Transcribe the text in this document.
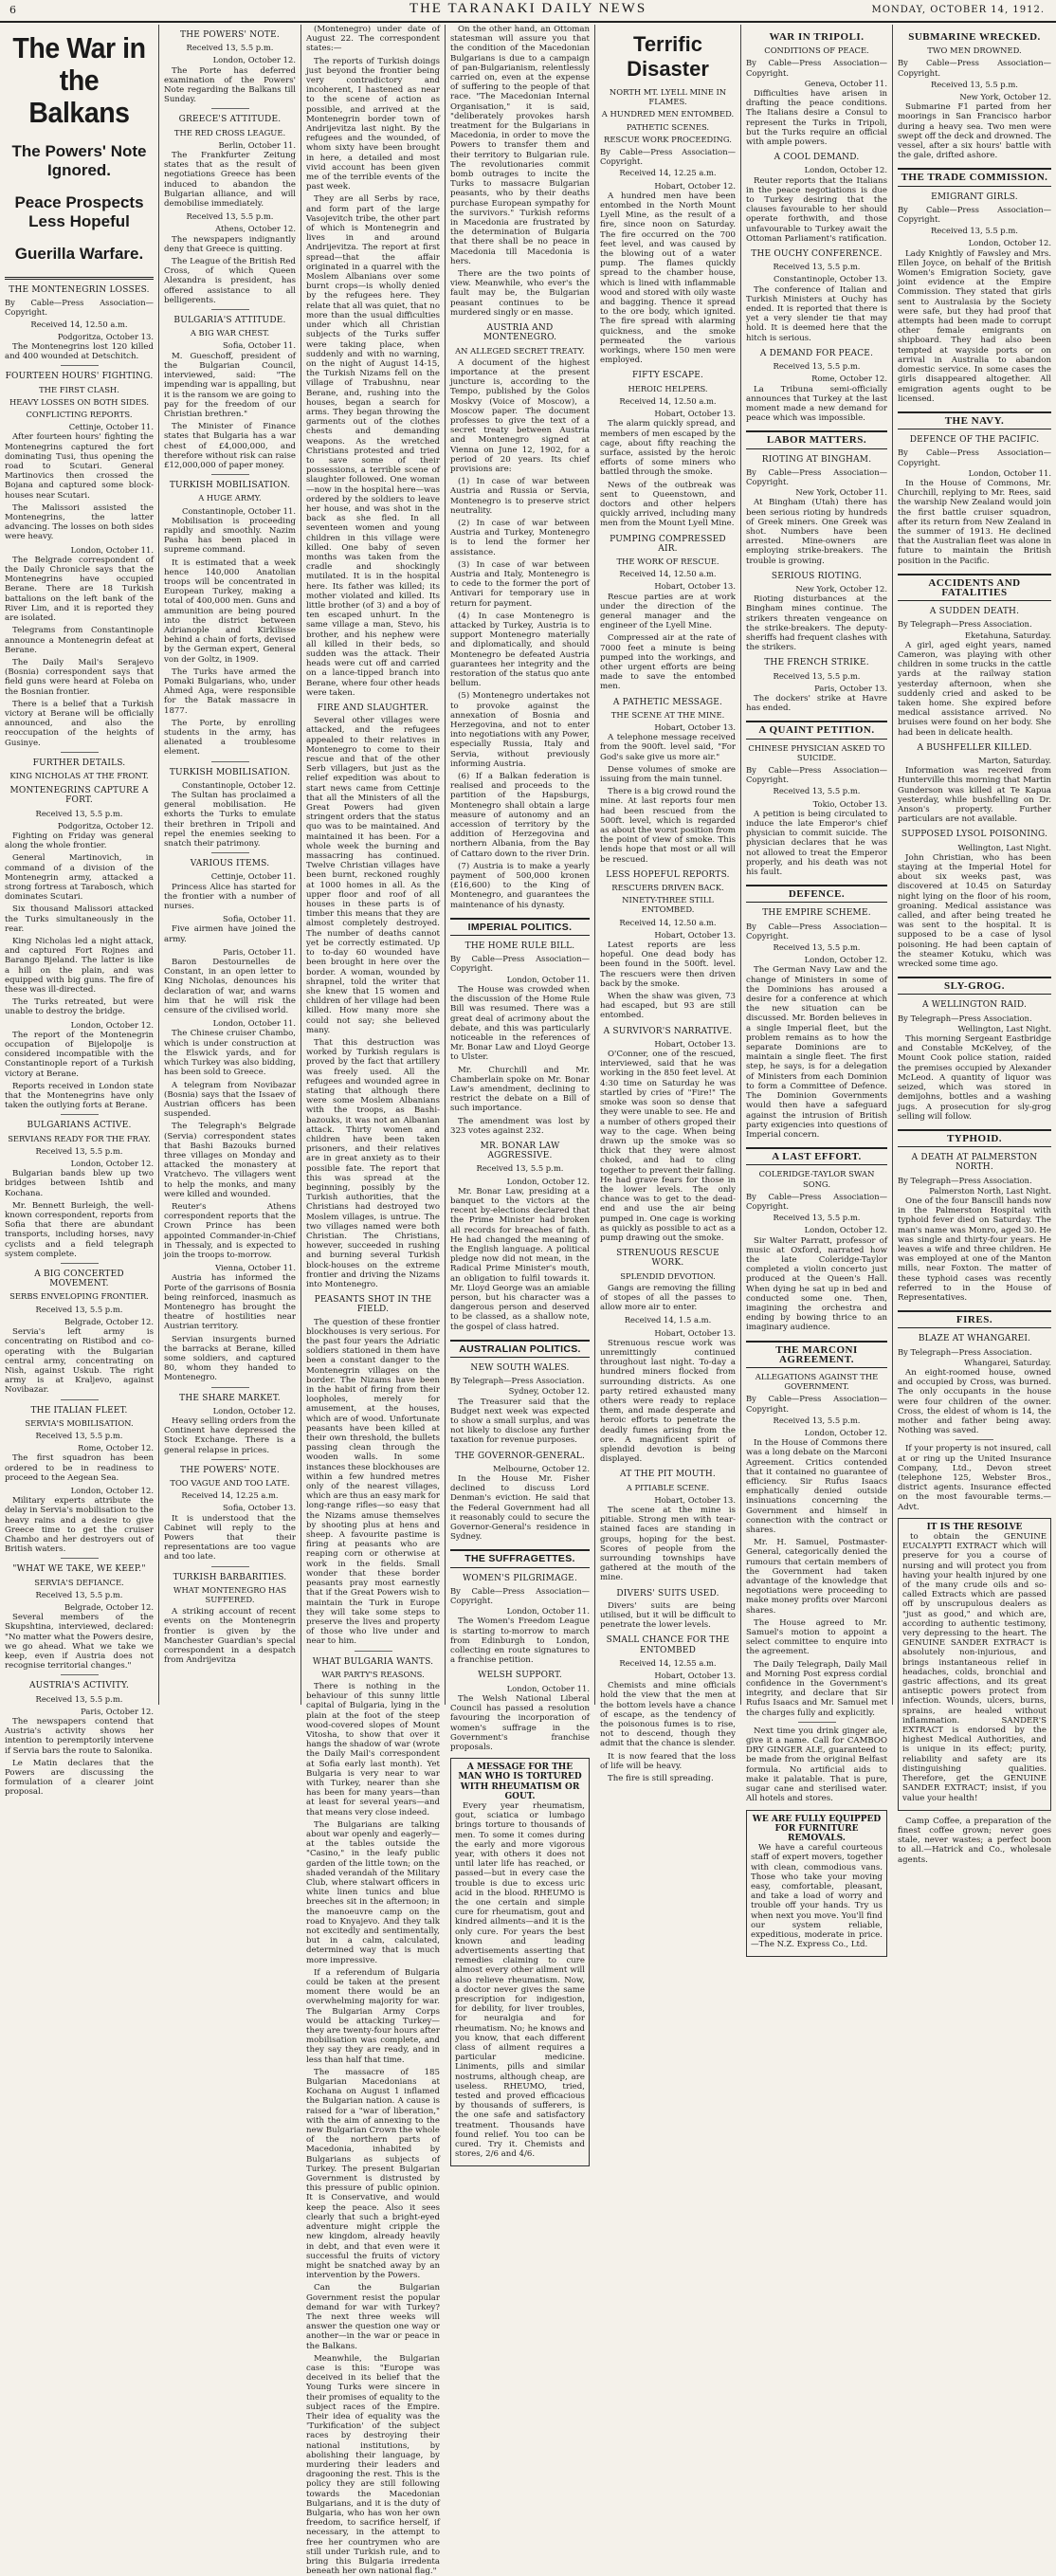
6	THE TARANAKI DAILY NEWS	MONDAY, OCTOBER 14, 1912.
The War in the Balkans
The Powers' Note Ignored.
Peace Prospects Less Hopeful
Guerilla Warfare.
THE MONTENEGRIN LOSSES.
By Cable—Press Association—Copyright.
Received 14, 12.50 a.m.
Podgoritza, October 13.

The Montenegrins lost 120 killed and 400 wounded at Detschitch.

FOURTEEN HOURS' FIGHTING.
THE FIRST CLASH.
HEAVY LOSSES ON BOTH SIDES.
CONFLICTING REPORTS.
Cettinje, October 11.

After fourteen hours' fighting the Montenegrins captured the fort dominating Tusi, thus opening the road to Scutari. General Martinovics then crossed the Bojana and captured some block-houses near Scutari.

The Malissori assisted the Montenegrins, the latter advancing. The losses on both sides were heavy.

London, October 11.

The Belgrade correspondent of the Daily Chronicle says that the Montenegrins have occupied Berane. There are 18 Turkish battalions on the left bank of the River Lim, and it is reported they are isolated.

Telegrams from Constantinople announce a Montenegrin defeat at Berane.

The Daily Mail's Serajevo (Bosnia) correspondent says that field guns were heard at Foleba on the Bosnian frontier.

There is a belief that a Turkish victory at Berane will be officially announced, and also the reoccupation of the heights of Gusinye.

FURTHER DETAILS.
KING NICHOLAS AT THE FRONT.
MONTENEGRINS CAPTURE A FORT.
Received 13, 5.5 p.m.
Podgoritza, October 12.

Fighting on Friday was general along the whole frontier.

General Martinovich, in command of a division of the Montenegrin army, attacked a strong fortress at Tarabosch, which dominates Scutari.

Six thousand Malissori attacked the Turks simultaneously in the rear.

King Nicholas led a night attack, and captured Fort Rojnes and Barango Bjeland. The latter is like a hill on the plain, and was equipped with big guns. The fire of these was ill-directed.

The Turks retreated, but were unable to destroy the bridge.

London, October 12.

The report of the Montenegrin occupation of Bijelopolje is considered incompatible with the Constantinople report of a Turkish victory at Berane.

Reports received in London state that the Montenegrins have only taken the outlying forts at Berane.

BULGARIANS ACTIVE.
SERVIANS READY FOR THE FRAY.
Received 13, 5.5 p.m.
London, October 12.

Bulgarian bands blew up two bridges between Ishtib and Kochana.

Mr. Bennett Burleigh, the well-known correspondent, reports from Sofia that there are abundant transports, including horses, navy cyclists and a field telegraph system complete.

A BIG CONCERTED MOVEMENT.
SERBS ENVELOPING FRONTIER.
Received 13, 5.5 p.m.
Belgrade, October 12.

Servia's left army is concentrating on Ristibod and co-operating with the Bulgarian central army, concentrating on Nish, against Uskub. The right army is at Kraljevo, against Novibazar.

THE ITALIAN FLEET.
SERVIA'S MOBILISATION.
Received 13, 5.5 p.m.
Rome, October 12.

The first squadron has been ordered to be in readiness to proceed to the Aegean Sea.

London, October 12.

Military experts attribute the delay in Servia's mobilisation to the heavy rains and a desire to give Greece time to get the cruiser Chambo and her destroyers out of British waters.

"WHAT WE TAKE, WE KEEP."
SERVIA'S DEFIANCE.
Received 13, 5.5 p.m.
Belgrade, October 12.

Several members of the Skupshtina, interviewed, declared: "No matter what the Powers desire, we go ahead. What we take we keep, even if Austria does not recognise territorial changes."

AUSTRIA'S ACTIVITY.
Received 13, 5.5 p.m.
Paris, October 12.

The newspapers contend that Austria's activity shows her intention to peremptorily intervene if Servia bars the route to Salonika.

Le Matin declares that the Powers are discussing the formulation of a clearer joint proposal.

THE POWERS' NOTE.
Received 13, 5.5 p.m.
London, October 12.

The Porte has deferred examination of the Powers' Note regarding the Balkans till Sunday.

GREECE'S ATTITUDE.
THE RED CROSS LEAGUE.
Berlin, October 11.

The Frankfurter Zeitung states that as the result of negotiations Greece has been induced to abandon the Bulgarian alliance, and will demobilise immediately.

Received 13, 5.5 p.m.
Athens, October 12.

The newspapers indignantly deny that Greece is quitting.

The League of the British Red Cross, of which Queen Alexandra is president, has offered assistance to all belligerents.

BULGARIA'S ATTITUDE.
A BIG WAR CHEST.
Sofia, October 11.

M. Gueschoff, president of the Bulgarian Council, interviewed, said: "The impending war is appalling, but it is the ransom we are going to pay for the freedom of our Christian brethren."

The Minister of Finance states that Bulgaria has a war chest of £4,000,000, and therefore without risk can raise £12,000,000 of paper money.

TURKISH MOBILISATION.
A HUGE ARMY.
Constantinople, October 11.

Mobilisation is proceeding rapidly and smoothly. Nazim Pasha has been placed in supreme command.

It is estimated that a week hence 140,000 Anatolian troops will be concentrated in European Turkey, making a total of 400,000 men. Guns and ammunition are being poured into the district between Adrianople and Kirkilisse behind a chain of forts, devised by the German expert, General von der Goltz, in 1909.

The Turks have armed the Pomaki Bulgarians, who, under Ahmed Aga, were responsible for the Batak massacre in 1877.

The Porte, by enrolling students in the army, has alienated a troublesome element.

TURKISH MOBILISATION.
Constantinople, October 12.

The Sultan has proclaimed a general mobilisation. He exhorts the Turks to emulate their brethren in Tripoli and repel the enemies seeking to snatch their patrimony.

VARIOUS ITEMS.
Cettinje, October 11.

Princess Alice has started for the frontier with a number of nurses.

Sofia, October 11.

Five airmen have joined the army.

Paris, October 11.

Baron Destournelles de Constant, in an open letter to King Nicholas, denounces his declaration of war, and warns him that he will risk the censure of the civilised world.

London, October 11.

The Chinese cruiser Chambo, which is under construction at the Elswick yards, and for which Turkey was also bidding, has been sold to Greece.

A telegram from Novibazar (Bosnia) says that the Issaev of Austrian officers has been suspended.

The Telegraph's Belgrade (Servia) correspondent states that Bashi Bazouks burned three villages on Monday and attacked the monastery at Vratchevo. The villagers went to help the monks, and many were killed and wounded.

Reuter's Athens correspondent reports that the Crown Prince has been appointed Commander-in-Chief in Thessaly, and is expected to join the troops to-morrow.

Vienna, October 11.

Austria has informed the Porte of the garrisons of Bosnia being reinforced, inasmuch as Montenegro has brought the theatre of hostilities near Austrian territory.

Servian insurgents burned the barracks at Berane, killed some soldiers, and captured 80, whom they handed to Montenegro.

THE SHARE MARKET.
London, October 12.

Heavy selling orders from the Continent have depressed the Stock Exchange. There is a general relapse in prices.

THE POWERS' NOTE.
TOO VAGUE AND TOO LATE.
Received 14, 12.25 a.m.
Sofia, October 13.

It is understood that the Cabinet will reply to the Powers that their representations are too vague and too late.

TURKISH BARBARITIES.
WHAT MONTENEGRO HAS SUFFERED.

A striking account of recent events on the Montenegrin frontier is given by the Manchester Guardian's special correspondent in a despatch from Andrijevitza

(Montenegro) under date of August 22. The correspondent states:—

The reports of Turkish doings just beyond the frontier being very contradictory and incoherent, I hastened as near to the scene of action as possible, and arrived at the Montenegrin border town of Andrijevitza last night. By the refugees and the wounded, of whom sixty have been brought in here, a detailed and most vivid account has been given me of the terrible events of the past week.

They are all Serbs by race, and form part of the large Vasojevitch tribe, the other part of which is Montenegrin and lives in and around Andrijevitza. The report at first spread—that the affair originated in a quarrel with the Moslem Albanians over some burnt crops—is wholly denied by the refugees here. They relate that all was quiet, that no more than the usual difficulties under which all Christian subjects of the Turks suffer were taking place, when suddenly and with no warning, on the night of August 14-15, the Turkish Nizams fell on the village of Trabushnu, near Berane, and, rushing into the houses, began a search for arms. They began throwing the garments out of the clothes chests and demanding weapons. As the wretched Christians protested and tried to save some of their possessions, a terrible scene of slaughter followed. One woman—now in the hospital here—was ordered by the soldiers to leave her house, and was shot in the back as she fled. In all seventeen women and young children in this village were killed. One baby of seven months was taken from the cradle and shockingly mutilated. It is in the hospital here. Its father was killed; its mother violated and killed. Its little brother (of 3) and a boy of ten escaped unhurt. In the same village a man, Stevo, his brother, and his nephew were all killed in their beds, so sudden was the attack. Their heads were cut off and carried on a lance-tipped branch into Berane, where four other heads were taken.

FIRE AND SLAUGHTER.

Several other villages were attacked, and the refugees appealed to their relatives in Montenegro to come to their rescue and that of the other Serb villagers, but just as the relief expedition was about to start news came from Cettinje that all the Ministers of all the Great Powers had given stringent orders that the status quo was to be maintained. And maintained it has been. For a whole week the burning and massacring has continued. Twelve Christian villages have been burnt, reckoned roughly at 1000 homes in all. As the upper floor and roof of all houses in these parts is of timber this means that they are almost completely destroyed. The number of deaths cannot yet be correctly estimated. Up to to-day 60 wounded have been brought in here over the border. A woman, wounded by shrapnel, told the writer that she knew that 15 women and children of her village had been killed. How many more she could not say; she believed many.

That this destruction was worked by Turkish regulars is proved by the fact that artillery was freely used. All the refugees and wounded agree in stating that although there were some Moslem Albanians with the troops, as Bashi-bazouks, it was not an Albanian attack. Thirty women and children have been taken prisoners, and their relatives are in great anxiety as to their possible fate. The report that this was spread at the beginning, possibly by the Turkish authorities, that the Christians had destroyed two Moslem villages, is untrue. The two villages named were both Christian. The Christians, however, succeeded in rushing and burning several Turkish block-houses on the extreme frontier and driving the Nizams into Montenegro.

PEASANTS SHOT IN THE FIELD.

The question of these frontier blockhouses is very serious. For the past four years the Adriatic soldiers stationed in them have been a constant danger to the Montenegrin villages on the border. The Nizams have been in the habit of firing from their loopholes, merely for amusement, at the houses, which are of wood. Unfortunate peasants have been killed at their own threshold, the bullets passing clean through the wooden walls. In some instances these blockhouses are within a few hundred metres only of the nearest villages, which are thus an easy mark for long-range rifles—so easy that the Nizams amuse themselves by shooting plus at hens and sheep. A favourite pastime is firing at peasants who are reaping corn or otherwise at work in the fields. Small wonder that these border peasants pray most earnestly that if the Great Powers wish to maintain the Turk in Europe they will take some steps to preserve the lives and property of those who live under and near to him.

WHAT BULGARIA WANTS.
WAR PARTY'S REASONS.

There is nothing in the behaviour of this sunny little capital of Bulgaria, lying in the plain at the foot of the steep wood-covered slopes of Mount Vitosha, to show that over it hangs the shadow of war (wrote the Daily Mail's correspondent at Sofia early last month). Yet Bulgaria is very near to war with Turkey, nearer than she has been for many years—than at least for several years—and that means very close indeed.

The Bulgarians are talking about war openly and eagerly—at the tables outside the "Casino," in the leafy public garden of the little town; on the shaded verandah of the Military Club, where stalwart officers in white linen tunics and blue breeches sit in the afternoon; in the manoeuvre camp on the road to Knyajevo. And they talk not excitedly and sentimentally, but in a calm, calculated, determined way that is much more impressive.

If a referendum of Bulgaria could be taken at the present moment there would be an overwhelming majority for war. The Bulgarian Army Corps would be attacking Turkey—they are twenty-four hours after mobilisation was complete, and they say they are ready, and in less than half that time.

The massacre of 185 Bulgarian Macedonians at Kochana on August 1 inflamed the Bulgarian nation. A cause is raised for a "war of liberation," with the aim of annexing to the new Bulgarian Crown the whole of the northern parts of Macedonia, inhabited by Bulgarians as subjects of Turkey. The present Bulgarian Government is distrusted by this pressure of public opinion. It is Conservative, and would keep the peace. Also it sees clearly that such a bright-eyed adventure might cripple the new kingdom, already heavily in debt, and that even were it successful the fruits of victory might be snatched away by an intervention by the Powers.

Can the Bulgarian Government resist the popular demand for war with Turkey? The next three weeks will answer the question one way or another—in the war or peace in the Balkans.

Meanwhile, the Bulgarian case is this: "Europe was deceived in its belief that the Young Turks were sincere in their promises of equality to the subject races of the Empire. Their idea of equality was the 'Turkification' of the subject races by destroying their national institutions, by abolishing their language, by murdering their leaders and dragooning the rest. This is the policy they are still following towards the Macedonian Bulgarians, and it is the duty of Bulgaria, who has won her own freedom, to sacrifice herself, if necessary, in the attempt to free her countrymen who are still under Turkish rule, and to bring this Bulgaria irredenta beneath her own national flag."

On the other hand, an Ottoman statesman will assure you that the condition of the Macedonian Bulgarians is due to a campaign of pan-Bulgarianism, relentlessly carried on, even at the expense of suffering to the people of that race. "The Macedonian Internal Organisation," it is said, "deliberately provokes harsh treatment for the Bulgarians in Macedonia, in order to move the Powers to transfer them and their territory to Bulgarian rule. The revolutionaries commit bomb outrages to incite the Turks to massacre Bulgarian peasants, who by their deaths purchase European sympathy for the survivors." Turkish reforms in Macedonia are frustrated by the determination of Bulgaria that there shall be no peace in Macedonia till Macedonia is hers.

There are the two points of view. Meanwhile, who ever's the fault may be, the Bulgarian peasant continues to be murdered singly or en masse.

AUSTRIA AND MONTENEGRO.
AN ALLEGED SECRET TREATY.

A document of the highest importance at the present juncture is, according to the Tempo, published by the Golos Moskvy (Voice of Moscow), a Moscow paper. The document professes to give the text of a secret treaty between Austria and Montenegro signed at Vienna on June 12, 1902, for a period of 20 years. Its chief provisions are:

(1) In case of war between Austria and Russia or Servia, Montenegro is to preserve strict neutrality.

(2) In case of war between Austria and Turkey, Montenegro is to lend the former her assistance.

(3) In case of war between Austria and Italy, Montenegro is to cede to the former the port of Antivari for temporary use in return for payment.

(4) In case Montenegro is attacked by Turkey, Austria is to support Montenegro materially and diplomatically, and should Montenegro be defeated Austria guarantees her integrity and the restoration of the status quo ante bellum.

(5) Montenegro undertakes not to provoke against the annexation of Bosnia and Herzegovina, and not to enter into negotiations with any Power, especially Russia, Italy and Servia, without previously informing Austria.

(6) If a Balkan federation is realised and proceeds to the partition of the Hapsburgs, Montenegro shall obtain a large measure of autonomy and an accession of territory by the addition of Herzegovina and northern Albania, from the Bay of Cattaro down to the river Drin.

(7) Austria is to make a yearly payment of 500,000 kronen (£16,600) to the King of Montenegro, and guarantees the maintenance of his dynasty.

IMPERIAL POLITICS.
THE HOME RULE BILL.
By Cable—Press Association—Copyright.
London, October 11.

The House was crowded when the discussion of the Home Rule Bill was resumed. There was a great deal of acrimony about the debate, and this was particularly noticeable in the references of Mr. Bonar Law and Lloyd George to Ulster.

Mr. Churchill and Mr. Chamberlain spoke on Mr. Bonar Law's amendment, declining to restrict the debate on a Bill of such importance.

The amendment was lost by 323 votes against 232.

MR. BONAR LAW AGGRESSIVE.
Received 13, 5.5 p.m.
London, October 12.

Mr. Bonar Law, presiding at a banquet to the victors at the recent by-elections declared that the Prime Minister had broken all records for breaches of faith. He had changed the meaning of the English language. A political pledge now did not mean, in the Radical Prime Minister's mouth, an obligation to fulfil towards it. Mr. Lloyd George was an amiable person, but his character was a dangerous person and deserved to be classed, as a shallow note, the gospel of class hatred.

AUSTRALIAN POLITICS.
NEW SOUTH WALES.
By Telegraph—Press Association.
Sydney, October 12.

The Treasurer said that the Budget next week was expected to show a small surplus, and was not likely to disclose any further taxation for revenue purposes.

THE GOVERNOR-GENERAL.
Melbourne, October 12.

In the House Mr. Fisher declined to discuss Lord Denman's eviction. He said that the Federal Government had all it reasonably could to secure the Governor-General's residence in Sydney.

THE SUFFRAGETTES.
WOMEN'S PILGRIMAGE.
By Cable—Press Association—Copyright.
London, October 11.

The Women's Freedom League is starting to-morrow to march from Edinburgh to London, collecting en route signatures to a franchise petition.

WELSH SUPPORT.
London, October 11.

The Welsh National Liberal Council has passed a resolution favouring the incorporation of women's suffrage in the Government's franchise proposals.

A MESSAGE FOR THE MAN WHO IS TORTURED WITH RHEUMATISM OR GOUT.

Every year rheumatism, gout, sciatica or lumbago brings torture to thousands of men. To some it comes during the early and more vigorous year, with others it does not until later life has reached, or passed—but in every case the trouble is due to excess uric acid in the blood. RHEUMO is the one certain and simple cure for rheumatism, gout and kindred ailments—and it is the only cure. For years the best known and leading advertisements asserting that remedies claiming to cure almost every other ailment will also relieve rheumatism. Now, a doctor never gives the same prescription for indigestion, for debility, for liver troubles, for neuralgia and for rheumatism. No; he knows and you know, that each different class of ailment requires a particular medicine. Liniments, pills and similar nostrums, although cheap, are useless. RHEUMO, tried, tested and proved efficacious by thousands of sufferers, is the one safe and satisfactory treatment. Thousands have found relief. You too can be cured. Try it. Chemists and stores, 2/6 and 4/6.

Terrific Disaster
NORTH MT. LYELL MINE IN FLAMES.
A HUNDRED MEN ENTOMBED.
PATHETIC SCENES.
RESCUE WORK PROCEEDING.
By Cable—Press Association—Copyright.
Received 14, 12.25 a.m.
Hobart, October 12.

A hundred men have been entombed in the North Mount Lyell Mine, as the result of a fire, since noon on Saturday. The fire occurred on the 700 feet level, and was caused by the blowing out of a water pump. The flames quickly spread to the chamber house, which is lined with inflammable wood and stored with oily waste and bagging. Thence it spread to the ore body, which ignited. The fire spread with alarming quickness, and the smoke permeated the various workings, where 150 men were employed.

FIFTY ESCAPE.
HEROIC HELPERS.
Received 14, 12.50 a.m.
Hobart, October 13.

The alarm quickly spread, and members of men escaped by the cage, about fifty reaching the surface, assisted by the heroic efforts of some miners who battled through the smoke.

News of the outbreak was sent to Queenstown, and doctors and other helpers quickly arrived, including many men from the Mount Lyell Mine.

PUMPING COMPRESSED AIR.
THE WORK OF RESCUE.
Received 14, 12.50 a.m.
Hobart, October 13.

Rescue parties are at work under the direction of the general manager and the engineer of the Lyell Mine.

Compressed air at the rate of 7000 feet a minute is being pumped into the workings, and other urgent efforts are being made to save the entombed men.

A PATHETIC MESSAGE.
THE SCENE AT THE MINE.
Hobart, October 13.

A telephone message received from the 900ft. level said, "For God's sake give us more air."

Dense volumes of smoke are issuing from the main tunnel.

There is a big crowd round the mine. At last reports four men had been rescued from the 500ft. level, which is regarded as about the worst position from the point of view of smoke. This lends hope that most or all will be rescued.

LESS HOPEFUL REPORTS.
RESCUERS DRIVEN BACK.
NINETY-THREE STILL ENTOMBED.
Received 14, 12.50 a.m.
Hobart, October 13.

Latest reports are less hopeful. One dead body has been found in the 500ft. level. The rescuers were then driven back by the smoke.

When the shaw was given, 73 had escaped, but 93 are still entombed.

A SURVIVOR'S NARRATIVE.
Hobart, October 13.

O'Conner, one of the rescued, interviewed, said that he was working in the 850 feet level. At 4:30 time on Saturday he was startled by cries of "Fire!" The smoke was soon so dense that they were unable to see. He and a number of others groped their way to the cage. When being drawn up the smoke was so thick that they were almost choked, and had to cling together to prevent their falling. He had grave fears for those in the lower levels. The only chance was to get to the dead-end and use the air being pumped in. One cage is working as quickly as possible to act as a pump drawing out the smoke.

STRENUOUS RESCUE WORK.
SPLENDID DEVOTION.

Gangs are removing the filling of stopes of all the passes to allow more air to enter.

Received 14, 1.5 a.m.
Hobart, October 13.

Strenuous rescue work was unremittingly continued throughout last night. To-day a hundred miners flocked from surrounding districts. As one party retired exhausted many others were ready to replace them, and made desperate and heroic efforts to penetrate the deadly fumes arising from the ore. A magnificent spirit of splendid devotion is being displayed.

AT THE PIT MOUTH.
A PITIABLE SCENE.
Hobart, October 13.

The scene at the mine is pitiable. Strong men with tear-stained faces are standing in groups, hoping for the best. Scores of people from the surrounding townships have gathered at the mouth of the mine.

DIVERS' SUITS USED.

Divers' suits are being utilised, but it will be difficult to penetrate the lower levels.

SMALL CHANCE FOR THE ENTOMBED
Received 14, 12.55 a.m.
Hobart, October 13.

Chemists and mine officials hold the view that the men at the bottom levels have a chance of escape, as the tendency of the poisonous fumes is to rise, not to descend, though they admit that the chance is slender.

It is now feared that the loss of life will be heavy.

The fire is still spreading.

WAR IN TRIPOLI.
CONDITIONS OF PEACE.
By Cable—Press Association—Copyright.
Geneva, October 11.

Difficulties have arisen in drafting the peace conditions. The Italians desire a Consul to represent the Turks in Tripoli, but the Turks require an official with ample powers.

A COOL DEMAND.
London, October 12.

Reuter reports that the Italians in the peace negotiations is due to Turkey desiring that the clauses favourable to her should operate forthwith, and those unfavourable to Turkey await the Ottoman Parliament's ratification.

THE OUCHY CONFERENCE.
Received 13, 5.5 p.m.
Constantinople, October 13.

The conference of Italian and Turkish Ministers at Ouchy has ended. It is reported that there is yet a very slender tie that may hold. It is deemed here that the hitch is serious.

A DEMAND FOR PEACE.
Received 13, 5.5 p.m.
Rome, October 12.

La Tribuna semi-officially announces that Turkey at the last moment made a new demand for peace which was impossible.

LABOR MATTERS.
RIOTING AT BINGHAM.
By Cable—Press Association—Copyright.
New York, October 11.

At Bingham (Utah) there has been serious rioting by hundreds of Greek miners. One Greek was shot. Numbers have been arrested. Mine-owners are employing strike-breakers. The trouble is growing.

SERIOUS RIOTING.
New York, October 12.

Rioting disturbances at the Bingham mines continue. The strikers threaten vengeance on the strike-breakers. The deputy-sheriffs had frequent clashes with the strikers.

THE FRENCH STRIKE.
Received 13, 5.5 p.m.
Paris, October 13.

The dockers' strike at Havre has ended.

A QUAINT PETITION.
CHINESE PHYSICIAN ASKED TO SUICIDE.
By Cable—Press Association—Copyright.
Received 13, 5.5 p.m.
Tokio, October 13.

A petition is being circulated to induce the late Emperor's chief physician to commit suicide. The physician declares that he was not allowed to treat the Emperor properly, and his death was not his fault.

DEFENCE.
THE EMPIRE SCHEME.
By Cable—Press Association—Copyright.
Received 13, 5.5 p.m.
London, October 12.

The German Navy Law and the change of Ministers in some of the Dominions has aroused a desire for a conference at which the new situation can be discussed. Mr. Borden believes in a single Imperial fleet, but the problem remains as to how the separate Dominions are to maintain a single fleet. The first step, he says, is for a delegation of Ministers from each Dominion to form a Committee of Defence. The Dominion Governments would then have a safeguard against the intrusion of British party exigencies into questions of Imperial concern.

A LAST EFFORT.
COLERIDGE-TAYLOR SWAN SONG.
By Cable—Press Association—Copyright.
Received 13, 5.5 p.m.
London, October 12.

Sir Walter Parratt, professor of music at Oxford, narrated how the late Coleridge-Taylor completed a violin concerto just produced at the Queen's Hall. When dying he sat up in bed and conducted some one. Then, imagining the orchestra and ending by bowing thrice to an imaginary audience.

THE MARCONI AGREEMENT.
ALLEGATIONS AGAINST THE GOVERNMENT.
By Cable—Press Association—Copyright.
Received 13, 5.5 p.m.
London, October 12.

In the House of Commons there was a long debate on the Marconi Agreement. Critics contended that it contained no guarantee of efficiency. Sir Rufus Isaacs emphatically denied outside insinuations concerning the Government and himself in connection with the contract or shares.

Mr. H. Samuel, Postmaster-General, categorically denied the rumours that certain members of the Government had taken advantage of the knowledge that negotiations were proceeding to make money profits over Marconi shares.

The House agreed to Mr. Samuel's motion to appoint a select committee to enquire into the agreement.

The Daily Telegraph, Daily Mail and Morning Post express cordial confidence in the Government's integrity, and declare that Sir Rufus Isaacs and Mr. Samuel met the charges fully and explicitly.

Next time you drink ginger ale, give it a name. Call for CAMBOO DRY GINGER ALE, guaranteed to be made from the original Belfast formula. No artificial aids to make it palatable. That is pure, sugar cane and sterilised water. All hotels and stores.

WE ARE FULLY EQUIPPED FOR FURNITURE REMOVALS.

We have a careful courteous staff of expert movers, together with clean, commodious vans. Those who take your moving easy, comfortable, pleasant, and take a load of worry and trouble off your hands. Try us when next you move. You'll find our system reliable, expeditious, moderate in price.—The N.Z. Express Co., Ltd.

SUBMARINE WRECKED.
TWO MEN DROWNED.
By Cable—Press Association—Copyright.
Received 13, 5.5 p.m.
New York, October 12.

Submarine F1 parted from her moorings in San Francisco harbor during a heavy sea. Two men were swept off the deck and drowned. The vessel, after a six hours' battle with the gale, drifted ashore.

THE TRADE COMMISSION.
EMIGRANT GIRLS.
By Cable—Press Association—Copyright.
Received 13, 5.5 p.m.
London, October 12.

Lady Knightly of Fawsley and Mrs. Ellen Joyce, on behalf of the British Women's Emigration Society, gave joint evidence at the Empire Commission. They stated that girls sent to Australasia by the Society were safe, but they had proof that attempts had been made to corrupt other female emigrants on shipboard. They had also been tempted at wayside ports or on arrival in Australia to abandon domestic service. In some cases the girls disappeared altogether. All emigration agents ought to be licensed.

THE NAVY.
DEFENCE OF THE PACIFIC.
By Cable—Press Association—Copyright.
London, October 11.

In the House of Commons, Mr. Churchill, replying to Mr. Rees, said the warship New Zealand would join the first battle cruiser squadron, after its return from New Zealand in the summer of 1913. He declined that the Australian fleet was alone in future to maintain the British position in the Pacific.

ACCIDENTS AND FATALITIES
A SUDDEN DEATH.
By Telegraph—Press Association.
Eketahuna, Saturday.

A girl, aged eight years, named Cameron, was playing with other children in some trucks in the cattle yards at the railway station yesterday afternoon, when she suddenly cried and asked to be taken home. She expired before medical assistance arrived. No bruises were found on her body. She had been in delicate health.

A BUSHFELLER KILLED.
Marton, Saturday.

Information was received from Hunterville this morning that Martin Gunderson was killed at Te Kapua yesterday, while bushfelling on Dr. Anson's property. Further particulars are not available.

SUPPOSED LYSOL POISONING.
Wellington, Last Night.

John Christian, who has been staying at the Imperial Hotel for about six weeks past, was discovered at 10.45 on Saturday night lying on the floor of his room, groaning. Medical assistance was called, and after being treated he was sent to the hospital. It is supposed to be a case of lysol poisoning. He had been captain of the steamer Kotuku, which was wrecked some time ago.

SLY-GROG.
A WELLINGTON RAID.
By Telegraph—Press Association.
Wellington, Last Night.

This morning Sergeant Eastbridge and Constable McKelvey, of the Mount Cook police station, raided the premises occupied by Alexander McLeod. A quantity of liquor was seized, which was stored in demijohns, bottles and a washing jugs. A prosecution for sly-grog selling will follow.

TYPHOID.
A DEATH AT PALMERSTON NORTH.
By Telegraph—Press Association.
Palmerston North, Last Night.

One of the four Banscill hands now in the Palmerston Hospital with typhoid fever died on Saturday. The man's name was Monro, aged 30. He was single and thirty-four years. He leaves a wife and three children. He was employed at one of the Manton mills, near Foxton. The matter of these typhoid cases was recently referred to in the House of Representatives.

FIRES.
BLAZE AT WHANGAREI.
By Telegraph—Press Association.
Whangarei, Saturday.

An eight-roomed house, owned and occupied by Cross, was burned. The only occupants in the house were four children of the owner. Cross, the eldest of whom is 14, the mother and father being away. Nothing was saved.

If your property is not insured, call at or ring up the United Insurance Company, Ltd., Devon street (telephone 125, Webster Bros., district agents. Insurance effected on the most favourable terms.—Advt.

IT IS THE RESOLVE

to obtain the GENUINE EUCALYPTI EXTRACT which will preserve for you a course of nursing and will protect you from having your health injured by one of the many crude oils and so-called Extracts which are passed off by unscrupulous dealers as "just as good," and which are, according to authentic testimony, very depressing to the heart. The GENUINE SANDER EXTRACT is absolutely non-injurious, and brings instantaneous relief in headaches, colds, bronchial and gastric affections, and its great antiseptic powers protect from infection. Wounds, ulcers, burns, sprains, are healed without inflammation. SANDER'S EXTRACT is endorsed by the highest Medical Authorities, and is unique in its effect; purity, reliability and safety are its distinguishing qualities. Therefore, get the GENUINE SANDER EXTRACT; insist, if you value your health!

Camp Coffee, a preparation of the finest coffee grown; never goes stale, never wastes; a perfect boon to all.—Hatrick and Co., wholesale agents.
